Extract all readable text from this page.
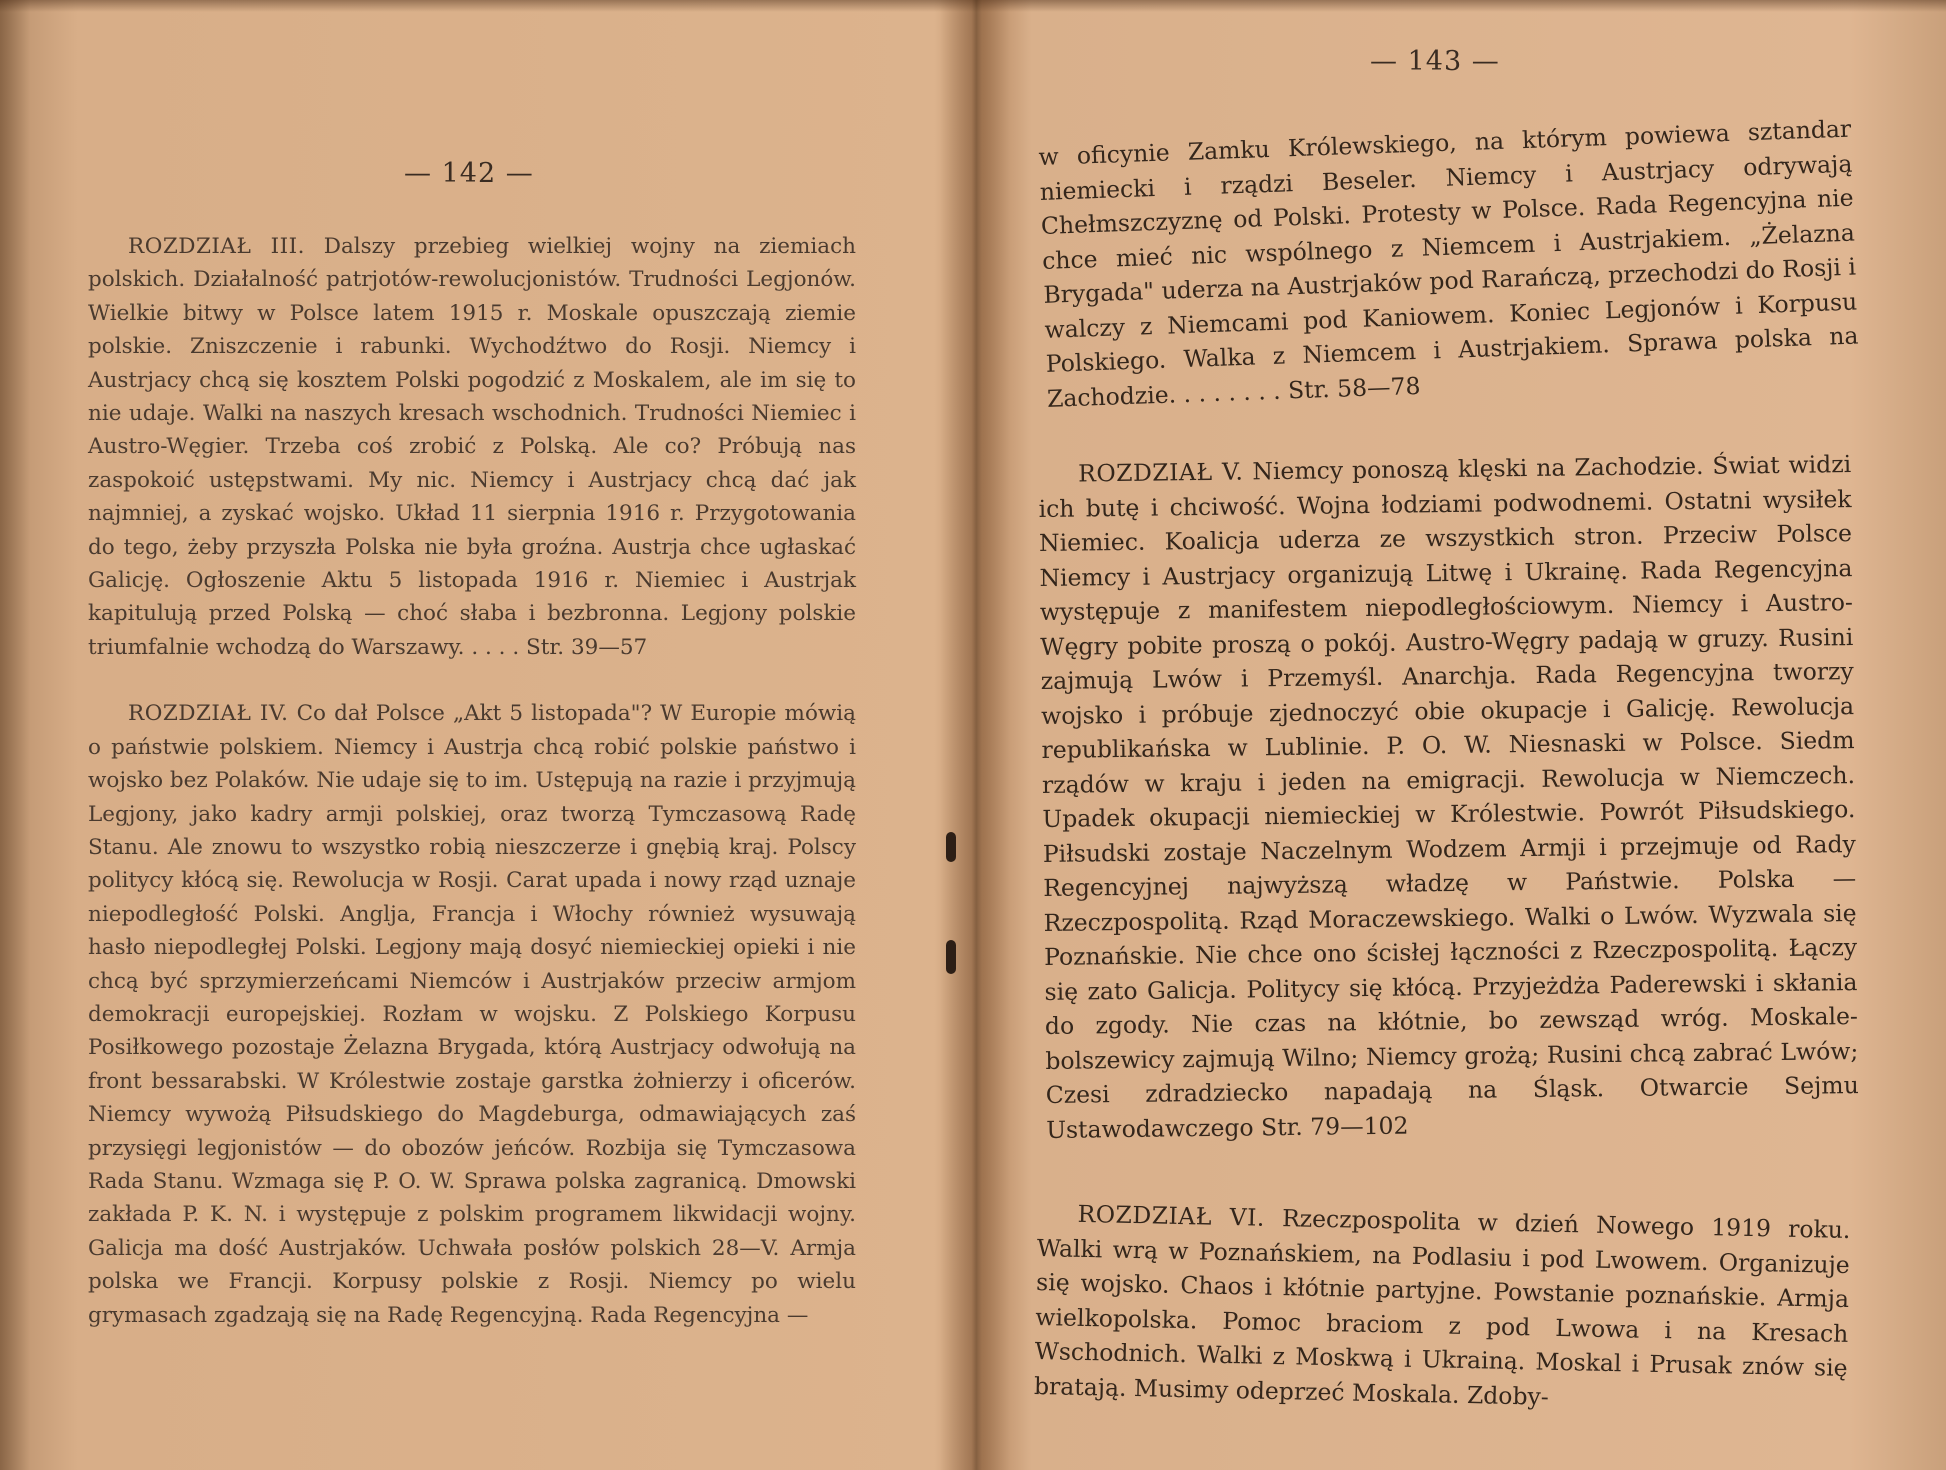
— 142 —

ROZDZIAŁ III. Dalszy przebieg wielkiej wojny na ziemiach polskich. Działalność patrjotów-rewolucjonistów. Trudności Legjonów. Wielkie bitwy w Polsce latem 1915 r. Moskale opuszczają ziemie polskie. Zniszczenie i rabunki. Wychodźtwo do Rosji. Niemcy i Austrjacy chcą się kosztem Polski pogodzić z Moskalem, ale im się to nie udaje. Walki na naszych kresach wschodnich. Trudności Niemiec i Austro-Węgier. Trzeba coś zrobić z Polską. Ale co? Próbują nas zaspokoić ustępstwami. My nic. Niemcy i Austrjacy chcą dać jak najmniej, a zyskać wojsko. Układ 11 sierpnia 1916 r. Przygotowania do tego, żeby przyszła Polska nie była groźna. Austrja chce ugłaskać Galicję. Ogłoszenie Aktu 5 listopada 1916 r. Niemiec i Austrjak kapitulują przed Polską — choć słaba i bezbronna. Legjony polskie triumfalnie wchodzą do Warszawy. . . . . Str. 39—57

ROZDZIAŁ IV. Co dał Polsce „Akt 5 listopada"? W Europie mówią o państwie polskiem. Niemcy i Austrja chcą robić polskie państwo i wojsko bez Polaków. Nie udaje się to im. Ustępują na razie i przyjmują Legjony, jako kadry armji polskiej, oraz tworzą Tymczasową Radę Stanu. Ale znowu to wszystko robią nieszczerze i gnębią kraj. Polscy politycy kłócą się. Rewolucja w Rosji. Carat upada i nowy rząd uznaje niepodległość Polski. Anglja, Francja i Włochy również wysuwają hasło niepodległej Polski. Legjony mają dosyć niemieckiej opieki i nie chcą być sprzymierzeńcami Niemców i Austrjaków przeciw armjom demokracji europejskiej. Rozłam w wojsku. Z Polskiego Korpusu Posiłkowego pozostaje Żelazna Brygada, którą Austrjacy odwołują na front bessarabski. W Królestwie zostaje garstka żołnierzy i oficerów. Niemcy wywożą Piłsudskiego do Magdeburga, odmawiających zaś przysięgi legjonistów — do obozów jeńców. Rozbija się Tymczasowa Rada Stanu. Wzmaga się P. O. W. Sprawa polska zagranicą. Dmowski zakłada P. K. N. i występuje z polskim programem likwidacji wojny. Galicja ma dość Austrjaków. Uchwała posłów polskich 28—V. Armja polska we Francji. Korpusy polskie z Rosji. Niemcy po wielu grymasach zgadzają się na Radę Regencyjną. Rada Regencyjna —

— 143 —

w oficynie Zamku Królewskiego, na którym powiewa sztandar niemiecki i rządzi Beseler. Niemcy i Austrjacy odrywają Chełmszczyznę od Polski. Protesty w Polsce. Rada Regencyjna nie chce mieć nic wspólnego z Niemcem i Austrjakiem. „Żelazna Brygada" uderza na Austrjaków pod Rarańczą, przechodzi do Rosji i walczy z Niemcami pod Kaniowem. Koniec Legjonów i Korpusu Polskiego. Walka z Niemcem i Austrjakiem. Sprawa polska na Zachodzie. . . . . . . . Str. 58—78

ROZDZIAŁ V. Niemcy ponoszą klęski na Zachodzie. Świat widzi ich butę i chciwość. Wojna łodziami podwodnemi. Ostatni wysiłek Niemiec. Koalicja uderza ze wszystkich stron. Przeciw Polsce Niemcy i Austrjacy organizują Litwę i Ukrainę. Rada Regencyjna występuje z manifestem niepodległościowym. Niemcy i Austro-Węgry pobite proszą o pokój. Austro-Węgry padają w gruzy. Rusini zajmują Lwów i Przemyśl. Anarchja. Rada Regencyjna tworzy wojsko i próbuje zjednoczyć obie okupacje i Galicję. Rewolucja republikańska w Lublinie. P. O. W. Niesnaski w Polsce. Siedm rządów w kraju i jeden na emigracji. Rewolucja w Niemczech. Upadek okupacji niemieckiej w Królestwie. Powrót Piłsudskiego. Piłsudski zostaje Naczelnym Wodzem Armji i przejmuje od Rady Regencyjnej najwyższą władzę w Państwie. Polska — Rzeczpospolitą. Rząd Moraczewskiego. Walki o Lwów. Wyzwala się Poznańskie. Nie chce ono ścisłej łączności z Rzeczpospolitą. Łączy się zato Galicja. Politycy się kłócą. Przyjeżdża Paderewski i skłania do zgody. Nie czas na kłótnie, bo zewsząd wróg. Moskale-bolszewicy zajmują Wilno; Niemcy grożą; Rusini chcą zabrać Lwów; Czesi zdradziecko napadają na Śląsk. Otwarcie Sejmu Ustawodawczego Str. 79—102

ROZDZIAŁ VI. Rzeczpospolita w dzień Nowego 1919 roku. Walki wrą w Poznańskiem, na Podlasiu i pod Lwowem. Organizuje się wojsko. Chaos i kłótnie partyjne. Powstanie poznańskie. Armja wielkopolska. Pomoc braciom z pod Lwowa i na Kresach Wschodnich. Walki z Moskwą i Ukrainą. Moskal i Prusak znów się bratają. Musimy odeprzeć Moskala. Zdoby-
